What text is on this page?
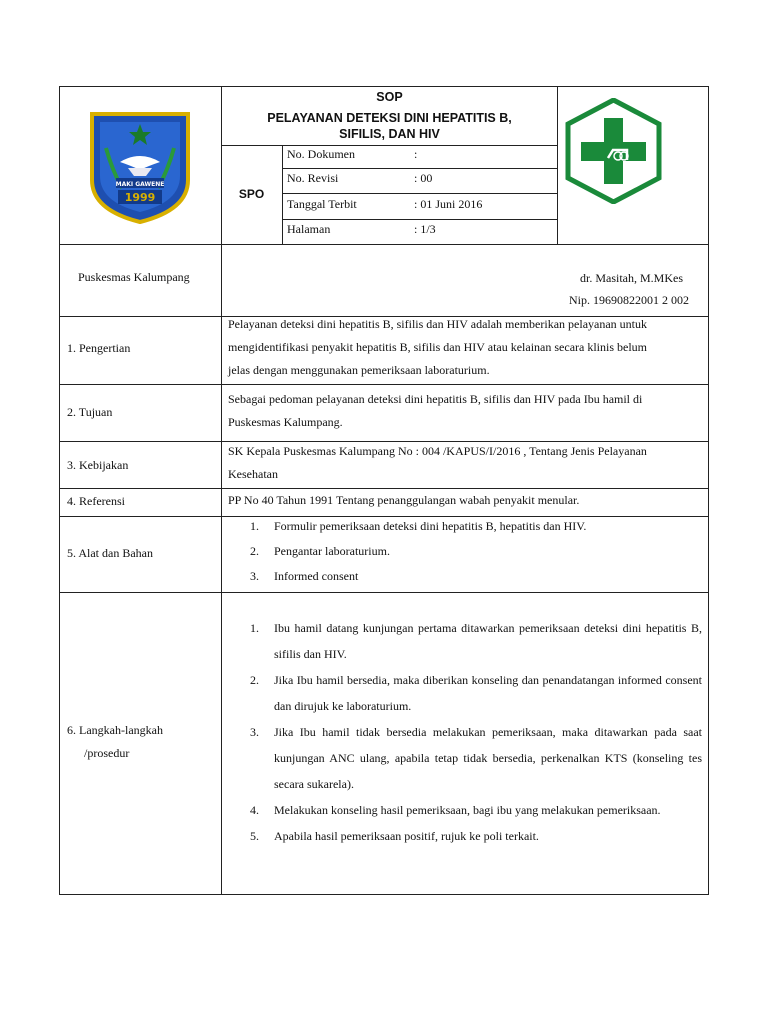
MAKI GAWENE
1999
SOP
PELAYANAN DETEKSI DINI HEPATITIS B,
SIFILIS, DAN HIV
SPO
No. Dokumen	:
No. Revisi	: 00
Tanggal Terbit	: 01 Juni 2016
Halaman	: 1/3
Puskesmas Kalumpang	dr. Masitah, M.MKes
Nip. 19690822001 2 002
1. Pengertian
Pelayanan deteksi dini hepatitis B, sifilis dan HIV adalah memberikan pelayanan untuk mengidentifikasi penyakit hepatitis B, sifilis dan HIV atau kelainan secara klinis belum jelas dengan menggunakan pemeriksaan laboraturium.
2. Tujuan
Sebagai pedoman pelayanan deteksi dini hepatitis B, sifilis dan HIV pada Ibu hamil di Puskesmas Kalumpang.
3. Kebijakan
SK Kepala Puskesmas Kalumpang No : 004 /KAPUS/I/2016 , Tentang Jenis Pelayanan Kesehatan
4. Referensi	PP No 40 Tahun 1991 Tentang penanggulangan wabah penyakit menular.
5. Alat dan Bahan
1. Formulir pemeriksaan deteksi dini hepatitis B, hepatitis dan HIV.
2. Pengantar laboraturium.
3. Informed consent
6. Langkah-langkah
/prosedur
1. Ibu hamil datang kunjungan pertama ditawarkan pemeriksaan deteksi dini hepatitis B, sifilis dan HIV.
2. Jika Ibu hamil bersedia, maka diberikan konseling dan penandatangan informed consent dan dirujuk ke laboraturium.
3. Jika Ibu hamil tidak bersedia melakukan pemeriksaan, maka ditawarkan pada saat kunjungan ANC ulang, apabila tetap tidak bersedia, perkenalkan KTS (konseling tes secara sukarela).
4. Melakukan konseling hasil pemeriksaan, bagi ibu yang melakukan pemeriksaan.
5. Apabila hasil pemeriksaan positif, rujuk ke poli terkait.
